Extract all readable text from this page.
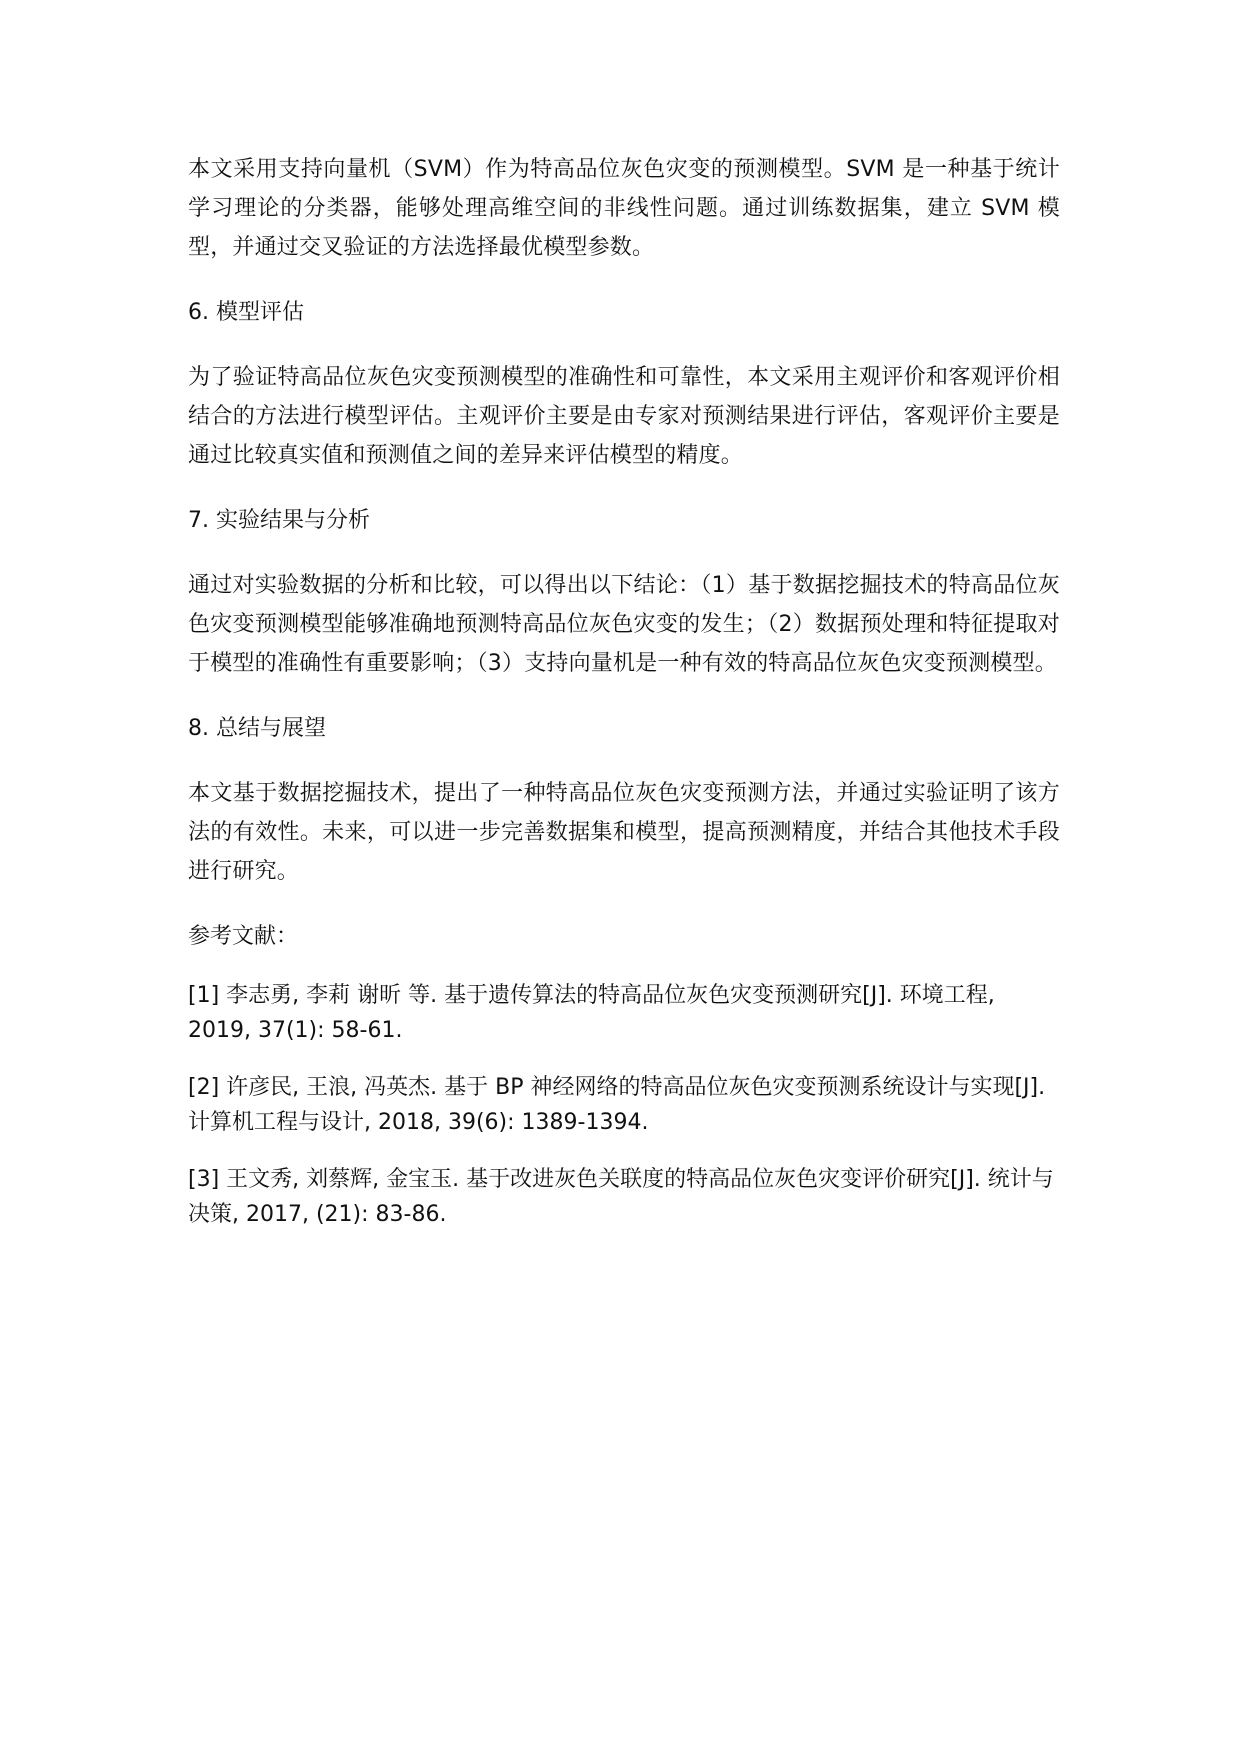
本文采用支持向量机（SVM）作为特高品位灰色灾变的预测模型。SVM 是一种基于统计学习理论的分类器，能够处理高维空间的非线性问题。通过训练数据集，建立 SVM 模型，并通过交叉验证的方法选择最优模型参数。

6. 模型评估

为了验证特高品位灰色灾变预测模型的准确性和可靠性，本文采用主观评价和客观评价相结合的方法进行模型评估。主观评价主要是由专家对预测结果进行评估，客观评价主要是通过比较真实值和预测值之间的差异来评估模型的精度。

7. 实验结果与分析

通过对实验数据的分析和比较，可以得出以下结论：（1）基于数据挖掘技术的特高品位灰色灾变预测模型能够准确地预测特高品位灰色灾变的发生；（2）数据预处理和特征提取对于模型的准确性有重要影响；（3）支持向量机是一种有效的特高品位灰色灾变预测模型。

8. 总结与展望

本文基于数据挖掘技术，提出了一种特高品位灰色灾变预测方法，并通过实验证明了该方法的有效性。未来，可以进一步完善数据集和模型，提高预测精度，并结合其他技术手段进行研究。

参考文献：

[1] 李志勇, 李莉 谢昕 等. 基于遗传算法的特高品位灰色灾变预测研究[J]. 环境工程, 2019, 37(1): 58-61.

[2] 许彦民, 王浪, 冯英杰. 基于 BP 神经网络的特高品位灰色灾变预测系统设计与实现[J]. 计算机工程与设计, 2018, 39(6): 1389-1394.

[3] 王文秀, 刘蔡辉, 金宝玉. 基于改进灰色关联度的特高品位灰色灾变评价研究[J]. 统计与决策, 2017, (21): 83-86.
